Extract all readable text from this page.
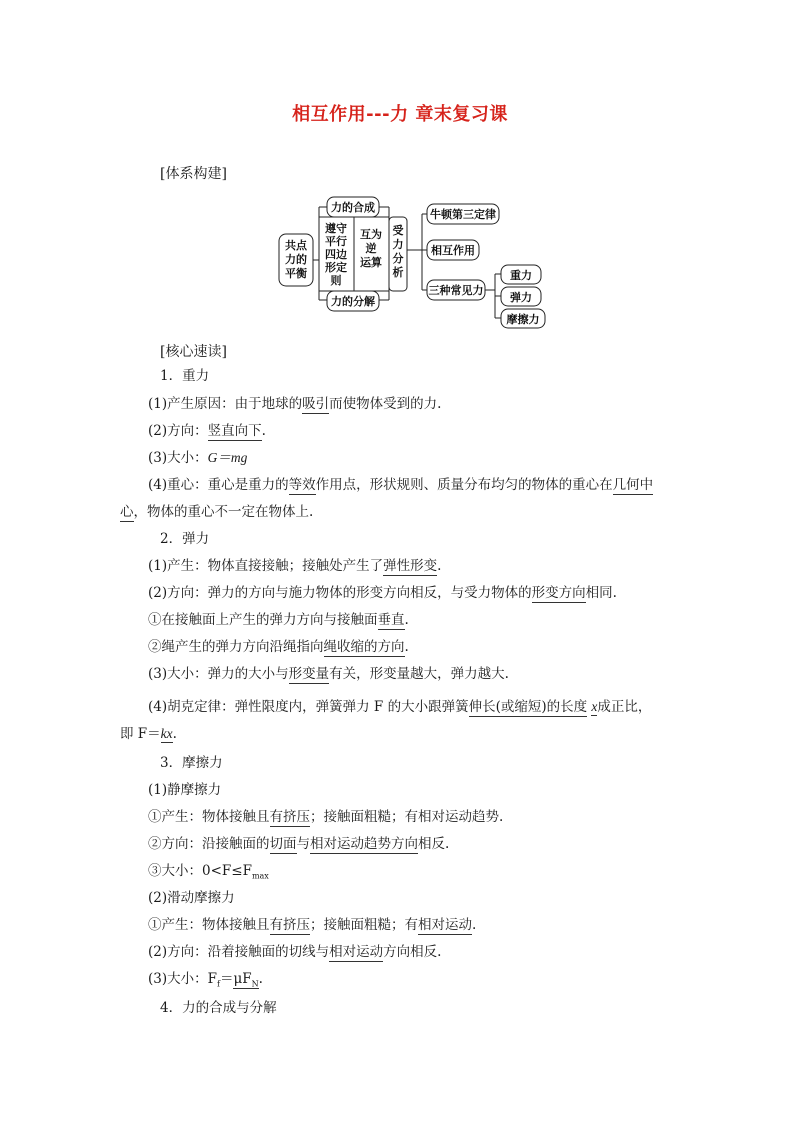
相互作用---力 章末复习课
[体系构建]
共点
力的
平衡
力的合成
力的分解
遵守
平行
四边
形定
则
互为
逆
运算
受
力
分
析
牛顿第三定律
相互作用
三种常见力
重力
弹力
摩擦力
[核心速读]
1．重力
(1)产生原因：由于地球的吸引而使物体受到的力.
(2)方向：竖直向下.
(3)大小：G＝mg
(4)重心：重心是重力的等效作用点，形状规则、质量分布均匀的物体的重心在几何中
心，物体的重心不一定在物体上.
2．弹力
(1)产生：物体直接接触；接触处产生了弹性形变.
(2)方向：弹力的方向与施力物体的形变方向相反，与受力物体的形变方向相同.
①在接触面上产生的弹力方向与接触面垂直.
②绳产生的弹力方向沿绳指向绳收缩的方向.
(3)大小：弹力的大小与形变量有关，形变量越大，弹力越大.
(4)胡克定律：弹性限度内，弹簧弹力 F 的大小跟弹簧伸长(或缩短)的长度 x成正比，
即 F＝kx.
3．摩擦力
(1)静摩擦力
①产生：物体接触且有挤压；接触面粗糙；有相对运动趋势.
②方向：沿接触面的切面与相对运动趋势方向相反.
③大小：$0<F\le F_{max}$
(2)滑动摩擦力
①产生：物体接触且有挤压；接触面粗糙；有相对运动.
(2)方向：沿着接触面的切线与相对运动方向相反.
(3)大小：$F_f=\mu F_N$.
4．力的合成与分解
